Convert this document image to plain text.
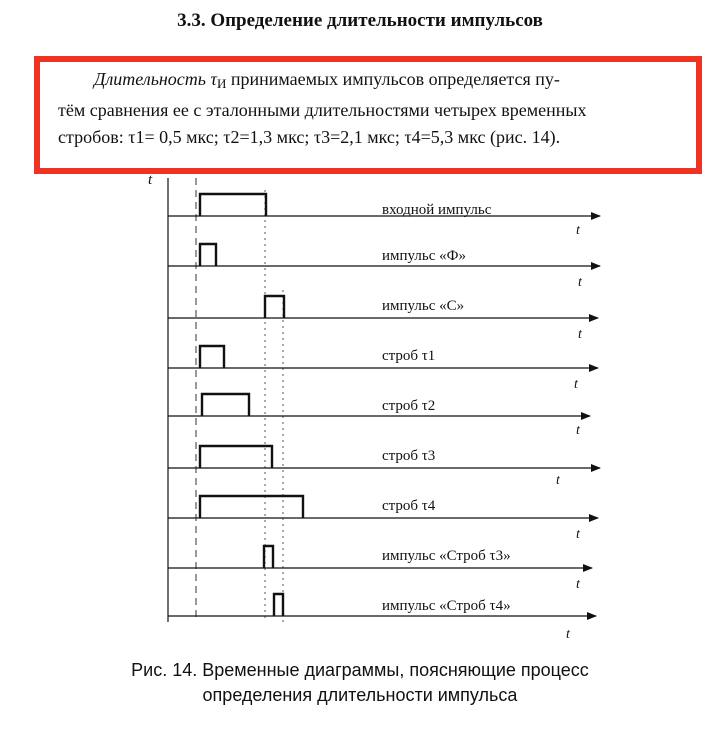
3.3. Определение длительности импульсов

Длительность $\tau_И$ принимаемых импульсов определяется пу-
тём сравнения ее с эталонными длительностями четырех временных
стробов: τ1= 0,5 мкс; τ2=1,3 мкс; τ3=2,1 мкс; τ4=5,3 мкс (рис. 14).

t
входной импульс
t
импульс «Ф»
t
импульс «С»
t
строб τ1
t
строб τ2
t
строб τ3
t
строб τ4
t
импульс «Строб τ3»
t
импульс «Строб τ4»
t

Рис. 14. Временные диаграммы, поясняющие процесс
определения длительности импульса
